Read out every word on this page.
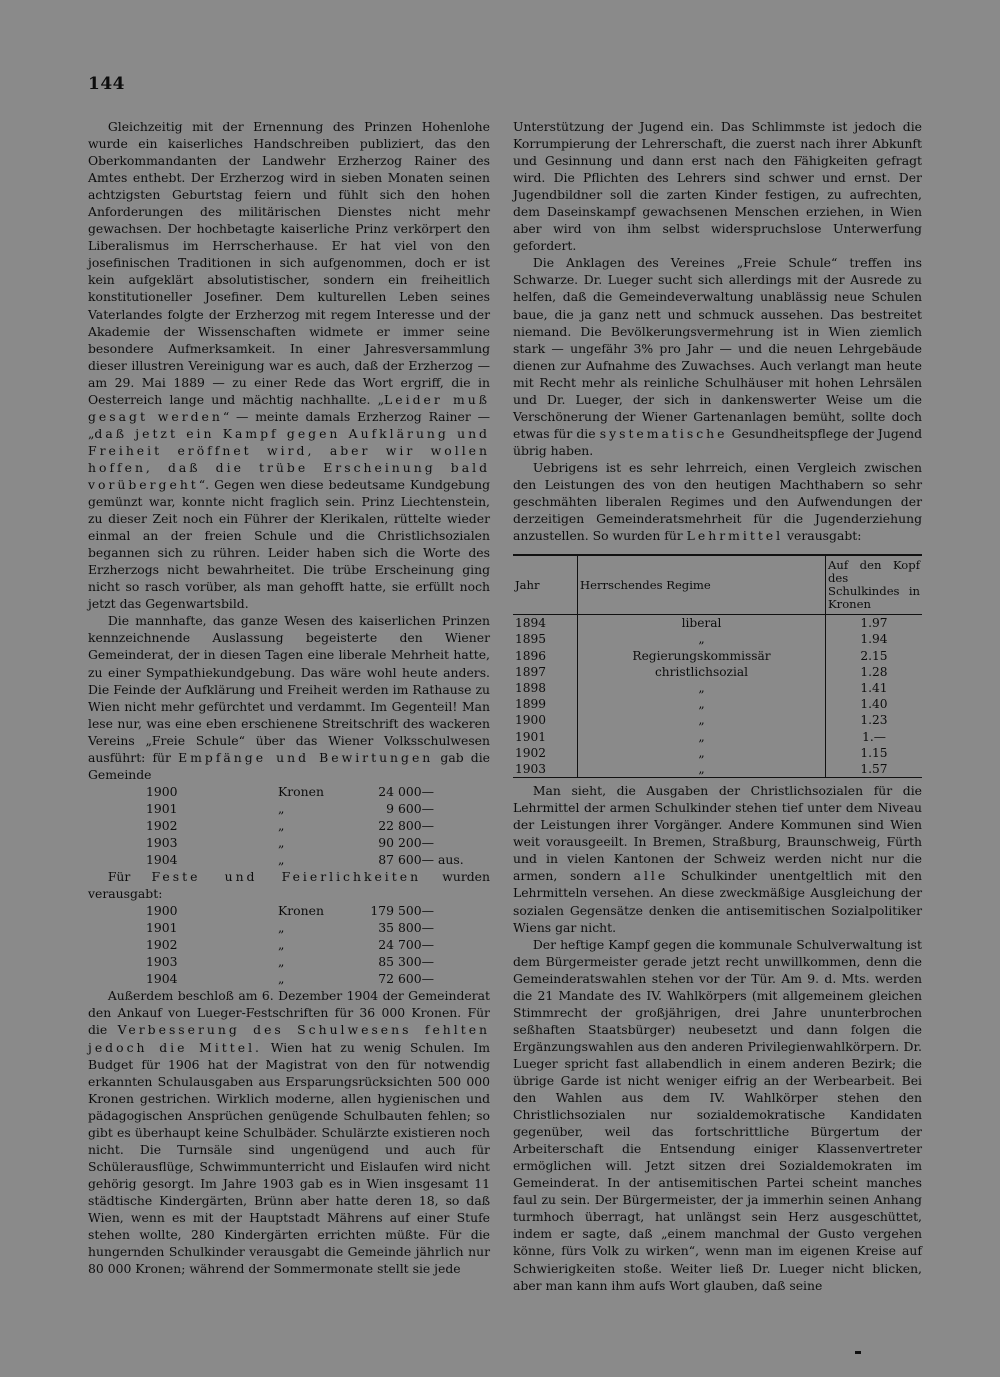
144

Gleichzeitig mit der Ernennung des Prinzen Hohenlohe wurde ein kaiserliches Handschreiben publiziert, das den Oberkommandanten der Landwehr Erzherzog Rainer des Amtes enthebt. Der Erzherzog wird in sieben Monaten seinen achtzigsten Geburtstag feiern und fühlt sich den hohen Anforderungen des militärischen Dienstes nicht mehr gewachsen. Der hochbetagte kaiserliche Prinz verkörpert den Liberalismus im Herrscherhause. Er hat viel von den josefinischen Traditionen in sich aufgenommen, doch er ist kein aufgeklärt absolutistischer, sondern ein freiheitlich konstitutioneller Josefiner. Dem kulturellen Leben seines Vaterlandes folgte der Erzherzog mit regem Interesse und der Akademie der Wissenschaften widmete er immer seine besondere Aufmerksamkeit. In einer Jahresversammlung dieser illustren Vereinigung war es auch, daß der Erzherzog — am 29. Mai 1889 — zu einer Rede das Wort ergriff, die in Oesterreich lange und mächtig nachhallte. „Leider muß gesagt werden“ — meinte damals Erzherzog Rainer — „daß jetzt ein Kampf gegen Aufklärung und Freiheit eröffnet wird, aber wir wollen hoffen, daß die trübe Erscheinung bald vorübergeht“. Gegen wen diese bedeutsame Kundgebung gemünzt war, konnte nicht fraglich sein. Prinz Liechtenstein, zu dieser Zeit noch ein Führer der Klerikalen, rüttelte wieder einmal an der freien Schule und die Christlichsozialen begannen sich zu rühren. Leider haben sich die Worte des Erzherzogs nicht bewahrheitet. Die trübe Erscheinung ging nicht so rasch vorüber, als man gehofft hatte, sie erfüllt noch jetzt das Gegenwartsbild.

Die mannhafte, das ganze Wesen des kaiserlichen Prinzen kennzeichnende Auslassung begeisterte den Wiener Gemeinderat, der in diesen Tagen eine liberale Mehrheit hatte, zu einer Sympathiekundgebung. Das wäre wohl heute anders. Die Feinde der Aufklärung und Freiheit werden im Rathause zu Wien nicht mehr gefürchtet und verdammt. Im Gegenteil! Man lese nur, was eine eben erschienene Streitschrift des wackeren Vereins „Freie Schule“ über das Wiener Volksschulwesen ausführt: für Empfänge und Bewirtungen gab die Gemeinde

1900	Kronen	24 000—	
1901	„	9 600—	
1902	„	22 800—	
1903	„	90 200—	
1904	„	87 600—	aus.

Für Feste und Feierlichkeiten wurden verausgabt:

1900	Kronen	179 500—
1901	„	35 800—
1902	„	24 700—
1903	„	85 300—
1904	„	72 600—

Außerdem beschloß am 6. Dezember 1904 der Gemeinderat den Ankauf von Lueger-Festschriften für 36 000 Kronen. Für die Verbesserung des Schulwesens fehlten jedoch die Mittel. Wien hat zu wenig Schulen. Im Budget für 1906 hat der Magistrat von den für notwendig erkannten Schulausgaben aus Ersparungsrücksichten 500 000 Kronen gestrichen. Wirklich moderne, allen hygienischen und pädagogischen Ansprüchen genügende Schulbauten fehlen; so gibt es überhaupt keine Schulbäder. Schulärzte existieren noch nicht. Die Turnsäle sind ungenügend und auch für Schülerausflüge, Schwimmunterricht und Eislaufen wird nicht gehörig gesorgt. Im Jahre 1903 gab es in Wien insgesamt 11 städtische Kindergärten, Brünn aber hatte deren 18, so daß Wien, wenn es mit der Hauptstadt Mährens auf einer Stufe stehen wollte, 280 Kindergärten errichten müßte. Für die hungernden Schulkinder verausgabt die Gemeinde jährlich nur 80 000 Kronen; während der Sommermonate stellt sie jede

Unterstützung der Jugend ein. Das Schlimmste ist jedoch die Korrumpierung der Lehrerschaft, die zuerst nach ihrer Abkunft und Gesinnung und dann erst nach den Fähigkeiten gefragt wird. Die Pflichten des Lehrers sind schwer und ernst. Der Jugendbildner soll die zarten Kinder festigen, zu aufrechten, dem Daseinskampf gewachsenen Menschen erziehen, in Wien aber wird von ihm selbst widerspruchslose Unterwerfung gefordert.

Die Anklagen des Vereines „Freie Schule“ treffen ins Schwarze. Dr. Lueger sucht sich allerdings mit der Ausrede zu helfen, daß die Gemeindeverwaltung unablässig neue Schulen baue, die ja ganz nett und schmuck aussehen. Das bestreitet niemand. Die Bevölkerungsvermehrung ist in Wien ziemlich stark — ungefähr 3% pro Jahr — und die neuen Lehrgebäude dienen zur Aufnahme des Zuwachses. Auch verlangt man heute mit Recht mehr als reinliche Schulhäuser mit hohen Lehrsälen und Dr. Lueger, der sich in dankenswerter Weise um die Verschönerung der Wiener Gartenanlagen bemüht, sollte doch etwas für die systematische Gesundheitspflege der Jugend übrig haben.

Uebrigens ist es sehr lehrreich, einen Vergleich zwischen den Leistungen des von den heutigen Machthabern so sehr geschmähten liberalen Regimes und den Aufwendungen der derzeitigen Gemeinderatsmehrheit für die Jugenderziehung anzustellen. So wurden für Lehrmittel verausgabt:

Jahr	Herrschendes Regime	Auf den Kopf des Schulkindes in Kronen
1894	liberal	1.97
1895	„	1.94
1896	Regierungskommissär	2.15
1897	christlichsozial	1.28
1898	„	1.41
1899	„	1.40
1900	„	1.23
1901	„	1.—
1902	„	1.15
1903	„	1.57

Man sieht, die Ausgaben der Christlichsozialen für die Lehrmittel der armen Schulkinder stehen tief unter dem Niveau der Leistungen ihrer Vorgänger. Andere Kommunen sind Wien weit vorausgeeilt. In Bremen, Straßburg, Braunschweig, Fürth und in vielen Kantonen der Schweiz werden nicht nur die armen, sondern alle Schulkinder unentgeltlich mit den Lehrmitteln versehen. An diese zweckmäßige Ausgleichung der sozialen Gegensätze denken die antisemitischen Sozialpolitiker Wiens gar nicht.

Der heftige Kampf gegen die kommunale Schulverwaltung ist dem Bürgermeister gerade jetzt recht unwillkommen, denn die Gemeinderatswahlen stehen vor der Tür. Am 9. d. Mts. werden die 21 Mandate des IV. Wahlkörpers (mit allgemeinem gleichen Stimmrecht der großjährigen, drei Jahre ununterbrochen seßhaften Staatsbürger) neubesetzt und dann folgen die Ergänzungswahlen aus den anderen Privilegienwahlkörpern. Dr. Lueger spricht fast allabendlich in einem anderen Bezirk; die übrige Garde ist nicht weniger eifrig an der Werbearbeit. Bei den Wahlen aus dem IV. Wahlkörper stehen den Christlichsozialen nur sozialdemokratische Kandidaten gegenüber, weil das fortschrittliche Bürgertum der Arbeiterschaft die Entsendung einiger Klassenvertreter ermöglichen will. Jetzt sitzen drei Sozialdemokraten im Gemeinderat. In der antisemitischen Partei scheint manches faul zu sein. Der Bürgermeister, der ja immerhin seinen Anhang turmhoch überragt, hat unlängst sein Herz ausgeschüttet, indem er sagte, daß „einem manchmal der Gusto vergehen könne, fürs Volk zu wirken“, wenn man im eigenen Kreise auf Schwierigkeiten stoße. Weiter ließ Dr. Lueger nicht blicken, aber man kann ihm aufs Wort glauben, daß seine
